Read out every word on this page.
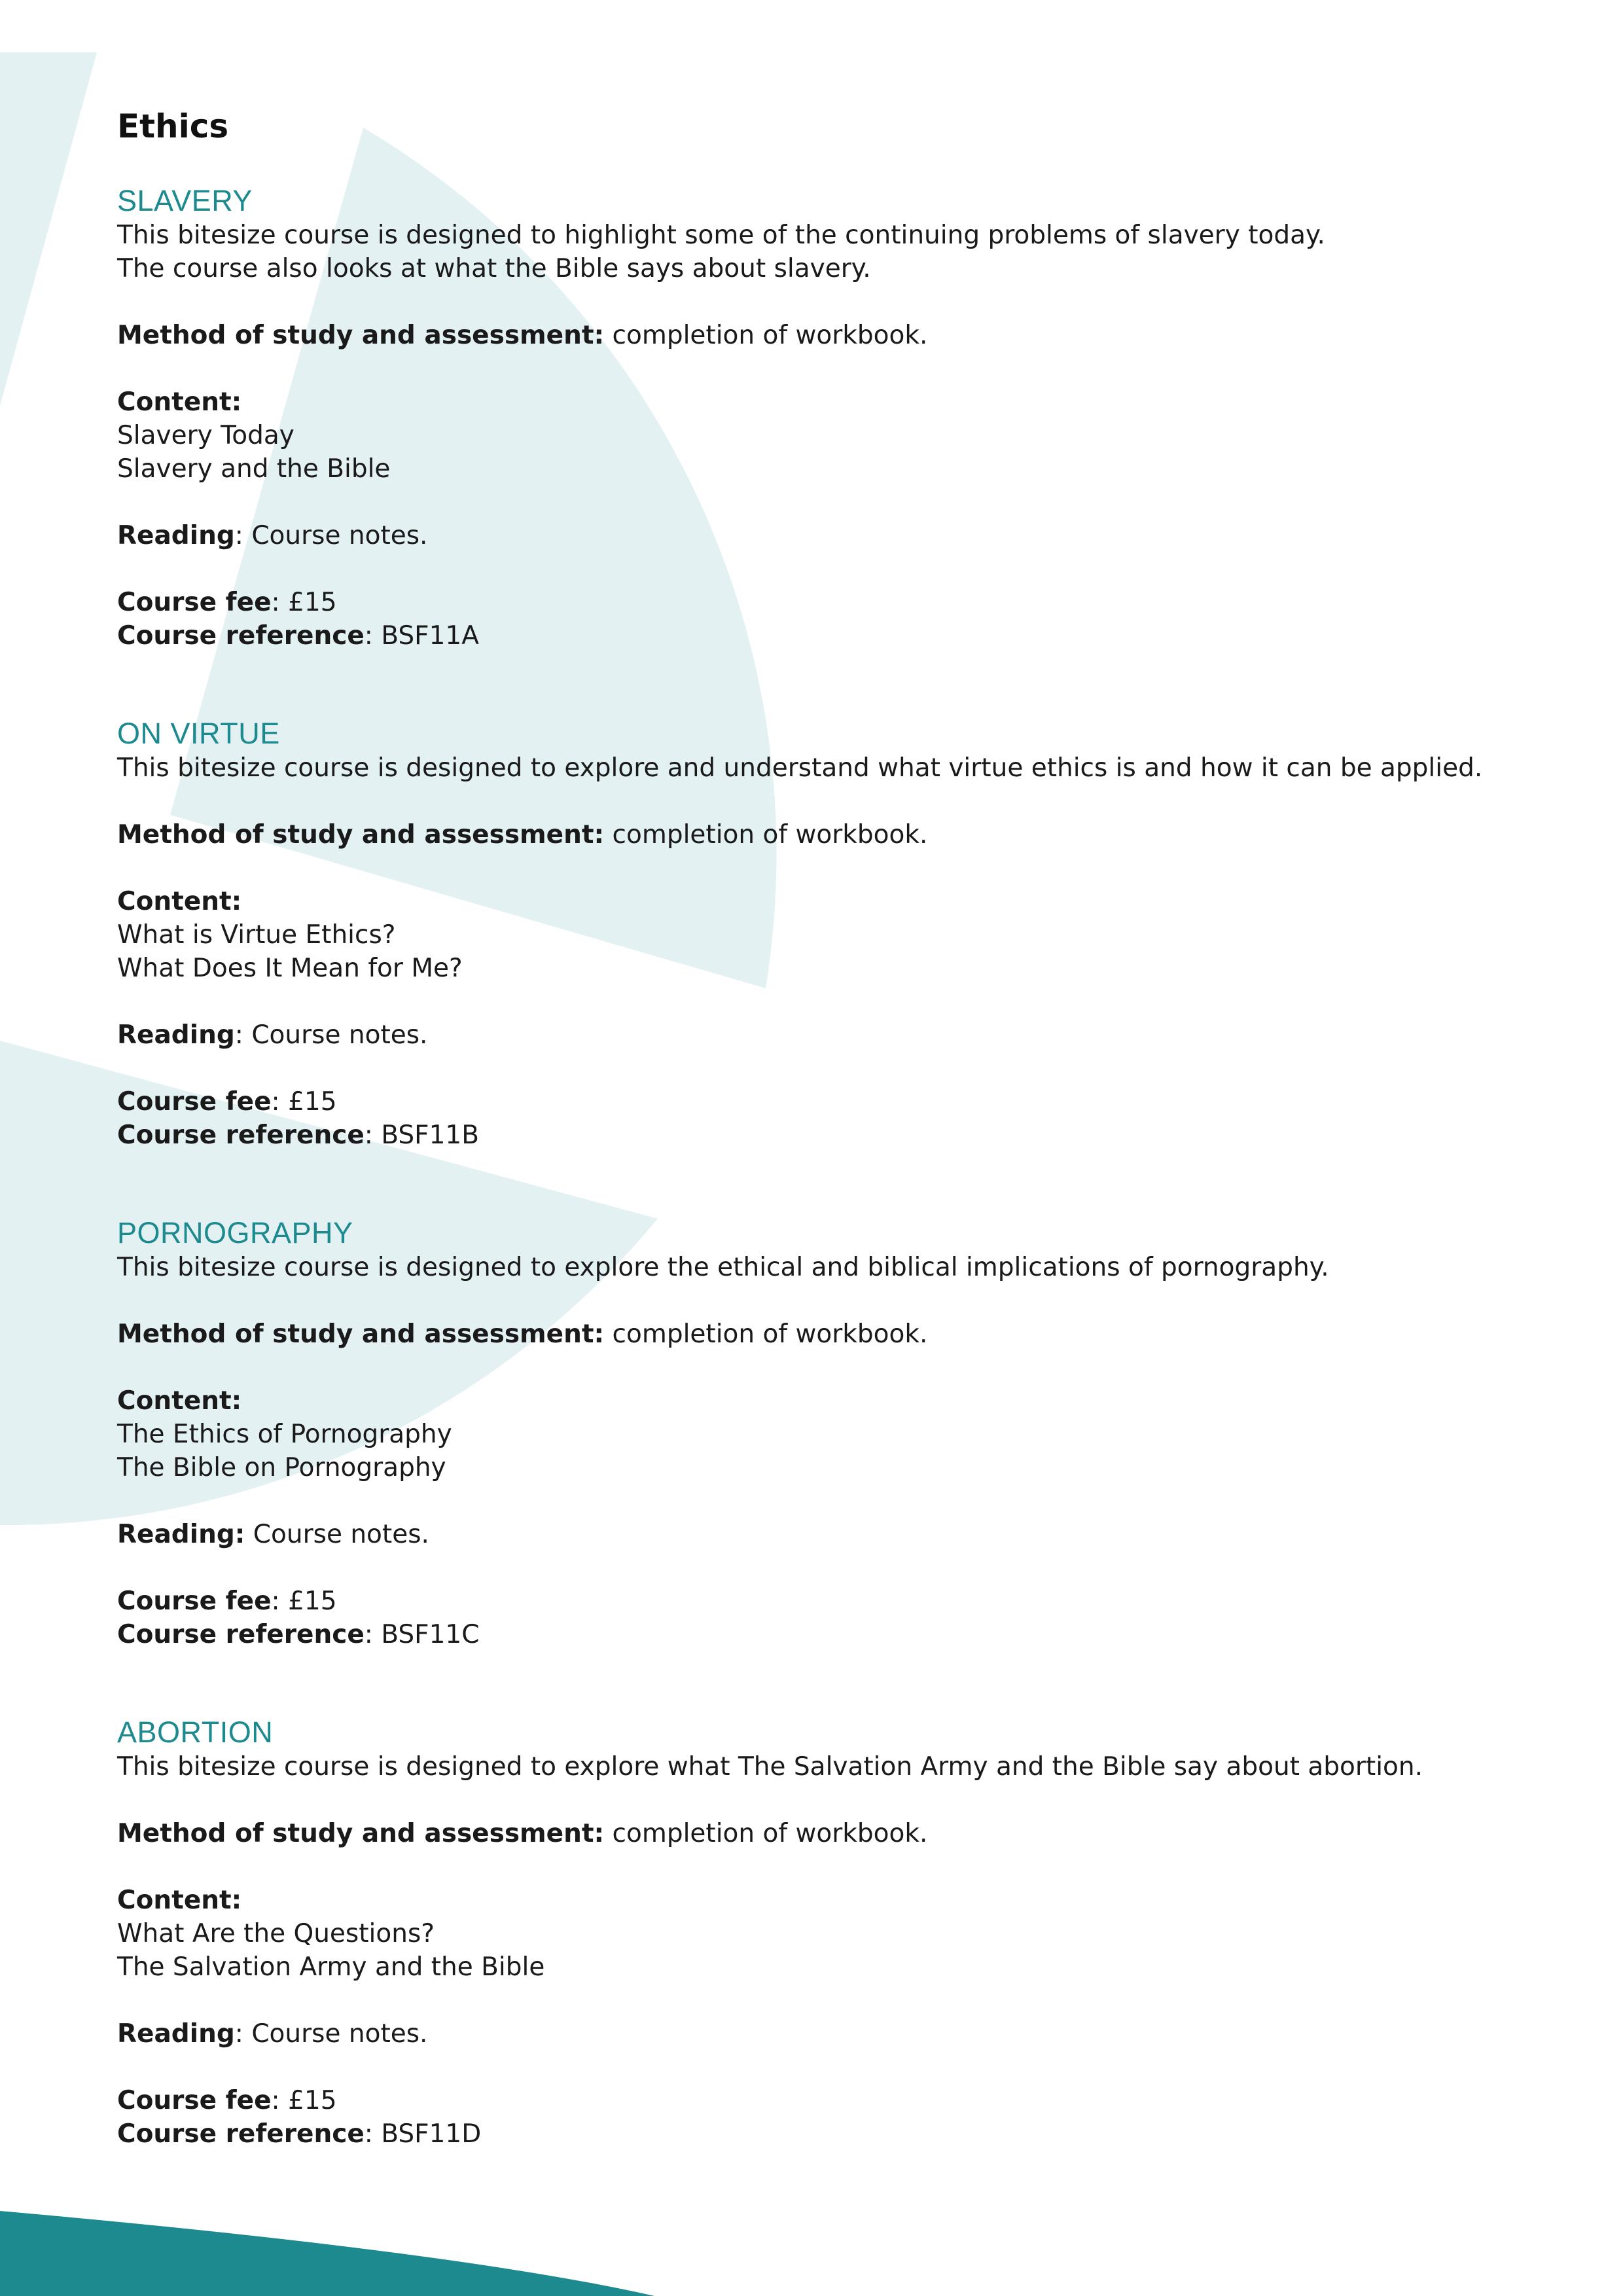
Ethics
SLAVERY
This bitesize course is designed to highlight some of the continuing problems of slavery today.
The course also looks at what the Bible says about slavery.
Method of study and assessment: completion of workbook.
Content:
Slavery Today
Slavery and the Bible
Reading: Course notes.
Course fee: £15
Course reference: BSF11A
ON VIRTUE
This bitesize course is designed to explore and understand what virtue ethics is and how it can be applied.
Method of study and assessment: completion of workbook.
Content:
What is Virtue Ethics?
What Does It Mean for Me?
Reading: Course notes.
Course fee: £15
Course reference: BSF11B
PORNOGRAPHY
This bitesize course is designed to explore the ethical and biblical implications of pornography.
Method of study and assessment: completion of workbook.
Content:
The Ethics of Pornography
The Bible on Pornography
Reading: Course notes.
Course fee: £15
Course reference: BSF11C
ABORTION
This bitesize course is designed to explore what The Salvation Army and the Bible say about abortion.
Method of study and assessment: completion of workbook.
Content:
What Are the Questions?
The Salvation Army and the Bible
Reading: Course notes.
Course fee: £15
Course reference: BSF11D
